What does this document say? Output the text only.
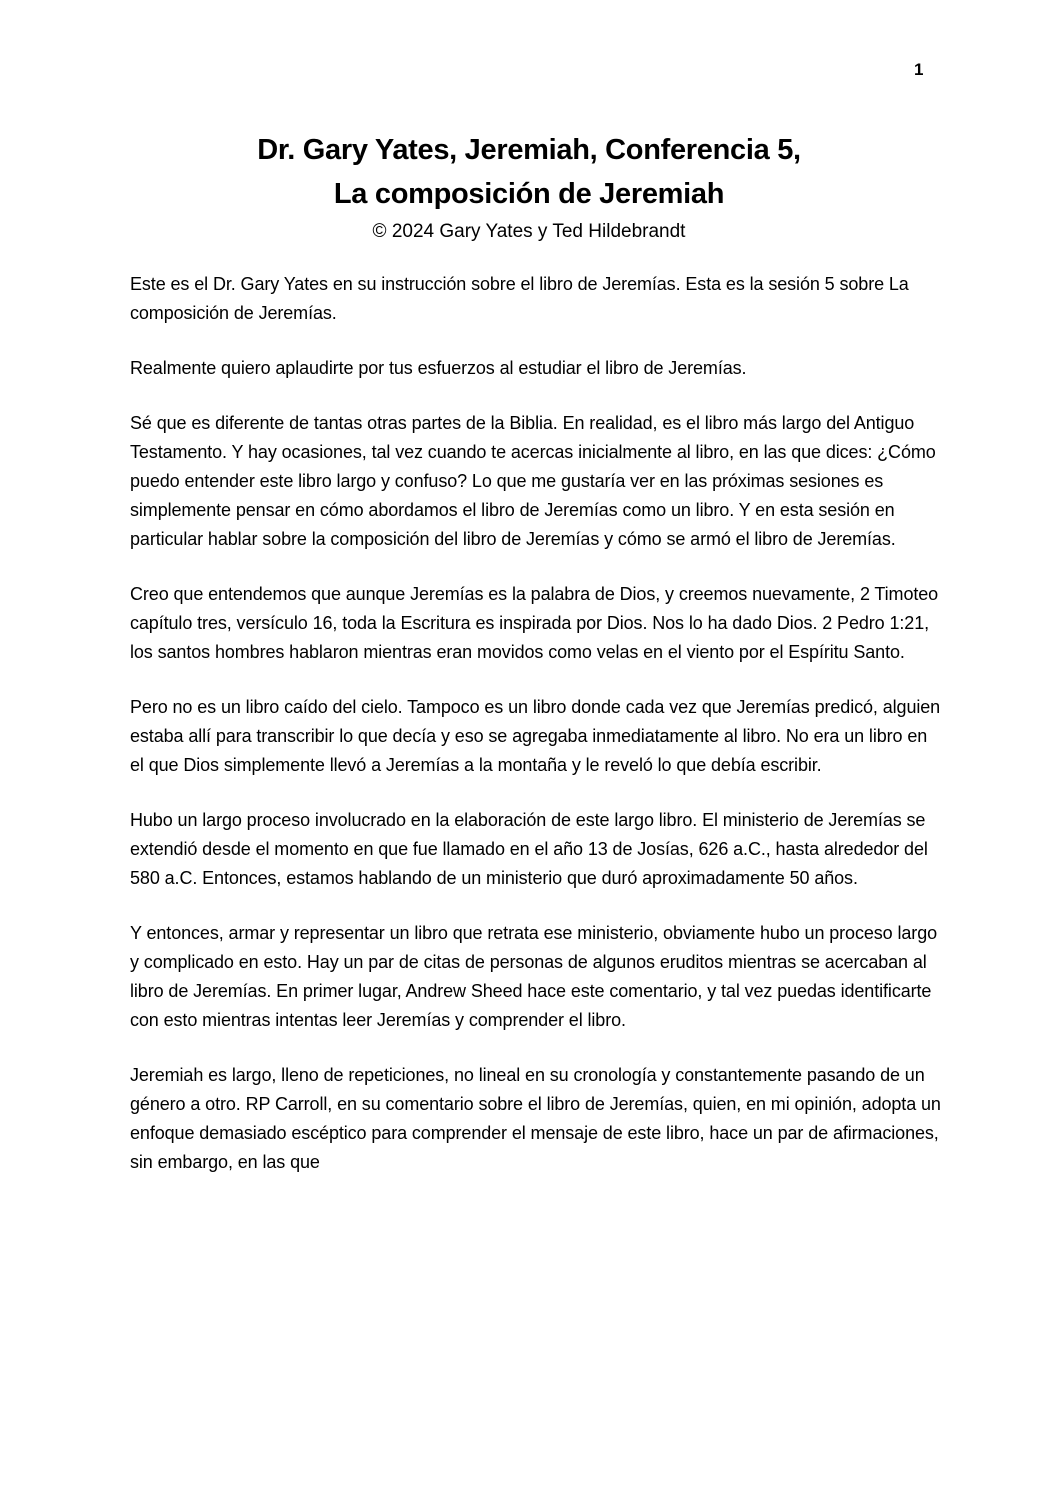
1
Dr. Gary Yates, Jeremiah, Conferencia 5,
La composición de Jeremiah
© 2024 Gary Yates y Ted Hildebrandt

Este es el Dr. Gary Yates en su instrucción sobre el libro de Jeremías. Esta es la sesión 5 sobre La composición de Jeremías.

Realmente quiero aplaudirte por tus esfuerzos al estudiar el libro de Jeremías.

Sé que es diferente de tantas otras partes de la Biblia. En realidad, es el libro más largo del Antiguo Testamento. Y hay ocasiones, tal vez cuando te acercas inicialmente al libro, en las que dices: ¿Cómo puedo entender este libro largo y confuso? Lo que me gustaría ver en las próximas sesiones es simplemente pensar en cómo abordamos el libro de Jeremías como un libro. Y en esta sesión en particular hablar sobre la composición del libro de Jeremías y cómo se armó el libro de Jeremías.

Creo que entendemos que aunque Jeremías es la palabra de Dios, y creemos nuevamente, 2 Timoteo capítulo tres, versículo 16, toda la Escritura es inspirada por Dios. Nos lo ha dado Dios. 2 Pedro 1:21, los santos hombres hablaron mientras eran movidos como velas en el viento por el Espíritu Santo.

Pero no es un libro caído del cielo. Tampoco es un libro donde cada vez que Jeremías predicó, alguien estaba allí para transcribir lo que decía y eso se agregaba inmediatamente al libro. No era un libro en el que Dios simplemente llevó a Jeremías a la montaña y le reveló lo que debía escribir.

Hubo un largo proceso involucrado en la elaboración de este largo libro. El ministerio de Jeremías se extendió desde el momento en que fue llamado en el año 13 de Josías, 626 a.C., hasta alrededor del 580 a.C. Entonces, estamos hablando de un ministerio que duró aproximadamente 50 años.

Y entonces, armar y representar un libro que retrata ese ministerio, obviamente hubo un proceso largo y complicado en esto. Hay un par de citas de personas de algunos eruditos mientras se acercaban al libro de Jeremías. En primer lugar, Andrew Sheed hace este comentario, y tal vez puedas identificarte con esto mientras intentas leer Jeremías y comprender el libro.

Jeremiah es largo, lleno de repeticiones, no lineal en su cronología y constantemente pasando de un género a otro. RP Carroll, en su comentario sobre el libro de Jeremías, quien, en mi opinión, adopta un enfoque demasiado escéptico para comprender el mensaje de este libro, hace un par de afirmaciones, sin embargo, en las que
